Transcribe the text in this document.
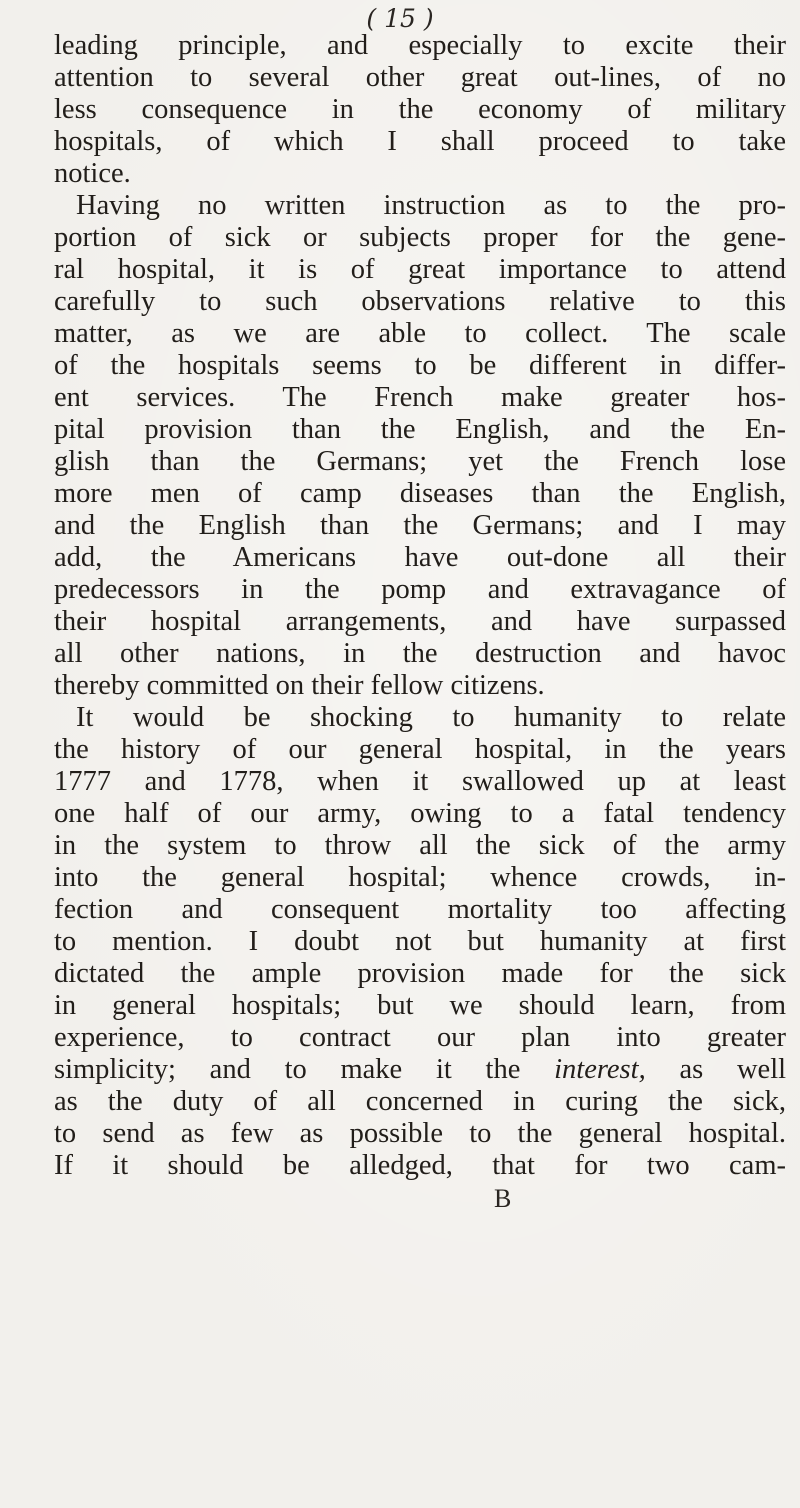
( 15 )
leading principle, and especially to excite their
attention to several other great out-lines, of no
less consequence in the economy of military
hospitals, of which I shall proceed to take
notice.
Having no written instruction as to the pro-
portion of sick or subjects proper for the gene-
ral hospital, it is of great importance to attend
carefully to such observations relative to this
matter, as we are able to collect. The scale
of the hospitals seems to be different in differ-
ent services. The French make greater hos-
pital provision than the English, and the En-
glish than the Germans; yet the French lose
more men of camp diseases than the English,
and the English than the Germans; and I may
add, the Americans have out-done all their
predecessors in the pomp and extravagance of
their hospital arrangements, and have surpassed
all other nations, in the destruction and havoc
thereby committed on their fellow citizens.
It would be shocking to humanity to relate
the history of our general hospital, in the years
1777 and 1778, when it swallowed up at least
one half of our army, owing to a fatal tendency
in the system to throw all the sick of the army
into the general hospital; whence crowds, in-
fection and consequent mortality too affecting
to mention. I doubt not but humanity at first
dictated the ample provision made for the sick
in general hospitals; but we should learn, from
experience, to contract our plan into greater
simplicity; and to make it the interest, as well
as the duty of all concerned in curing the sick,
to send as few as possible to the general hospital.
If it should be alledged, that for two cam-
B
